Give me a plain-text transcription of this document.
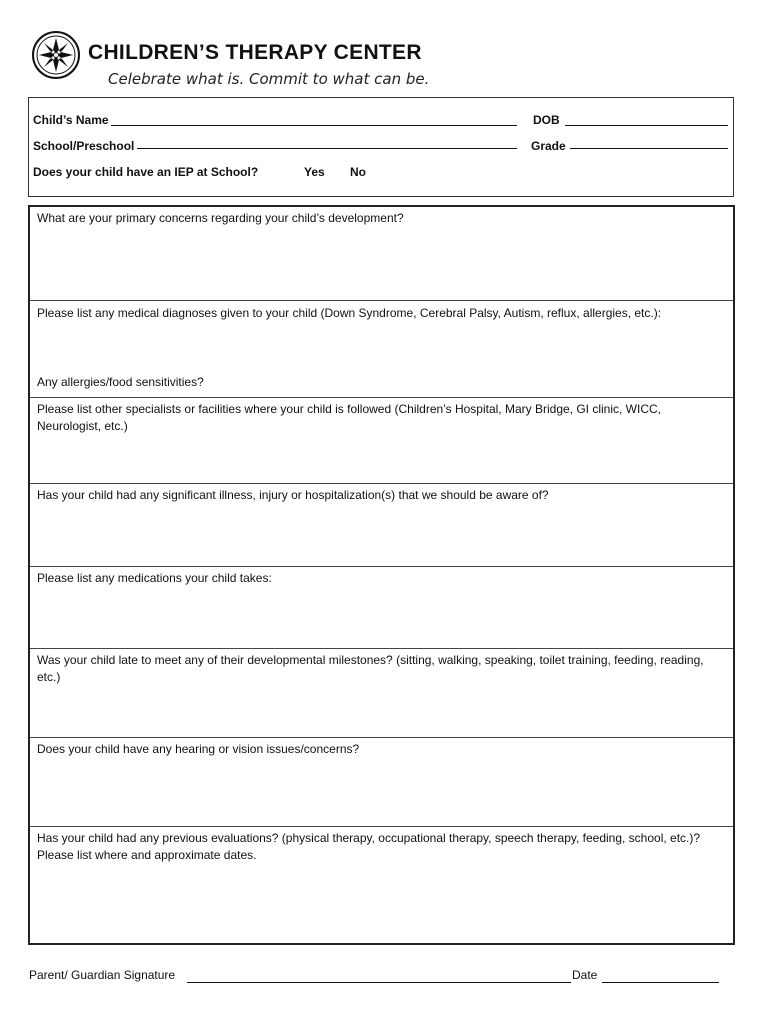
CHILDREN’S THERAPY CENTER
Celebrate what is. Commit to what can be.
Child’s Name	DOB
School/Preschool	Grade
Does your child have an IEP at School?	Yes No
What are your primary concerns regarding your child’s development?
Please list any medical diagnoses given to your child (Down Syndrome, Cerebral Palsy, Autism, reflux, allergies, etc.):
Any allergies/food sensitivities?
Please list other specialists or facilities where your child is followed (Children’s Hospital, Mary Bridge, GI clinic, WICC, Neurologist, etc.)
Has your child had any significant illness, injury or hospitalization(s) that we should be aware of?
Please list any medications your child takes:
Was your child late to meet any of their developmental milestones? (sitting, walking, speaking, toilet training, feeding, reading, etc.)
Does your child have any hearing or vision issues/concerns?
Has your child had any previous evaluations? (physical therapy, occupational therapy, speech therapy, feeding, school, etc.)? Please list where and approximate dates.
Parent/ Guardian Signature	Date
